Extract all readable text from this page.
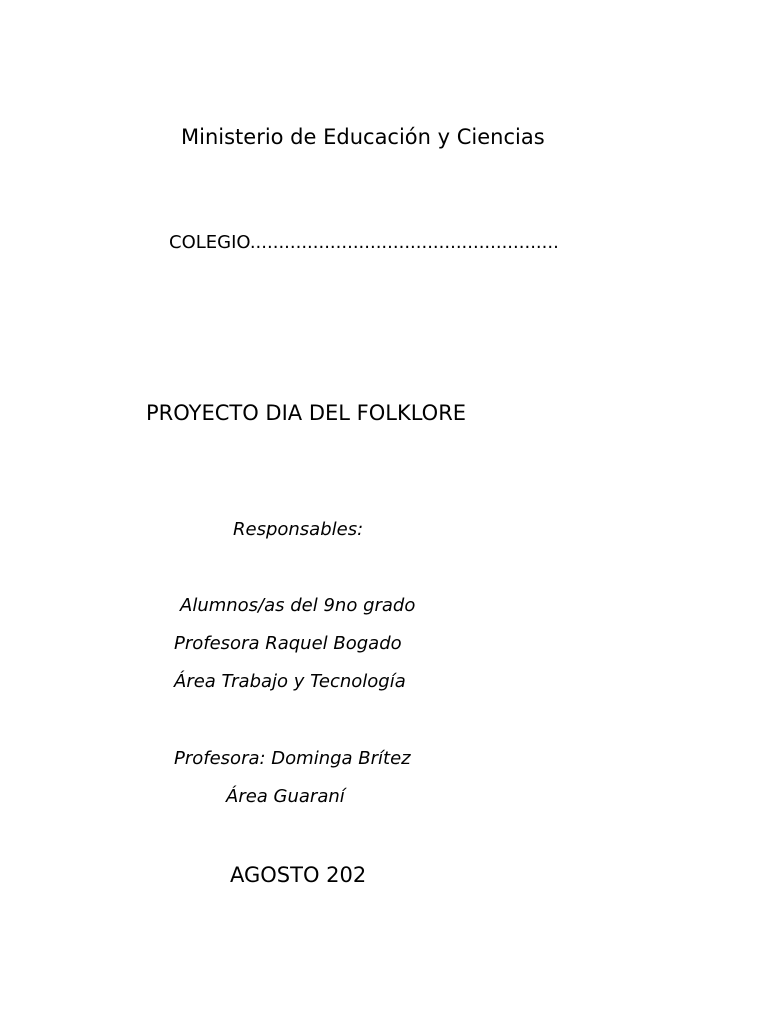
Ministerio de Educación y Ciencias
COLEGIO......................................................
PROYECTO DIA DEL FOLKLORE
Responsables:
Alumnos/as del 9no grado
Profesora Raquel Bogado
Área Trabajo y Tecnología
Profesora: Dominga Brítez
Área Guaraní
AGOSTO 202
